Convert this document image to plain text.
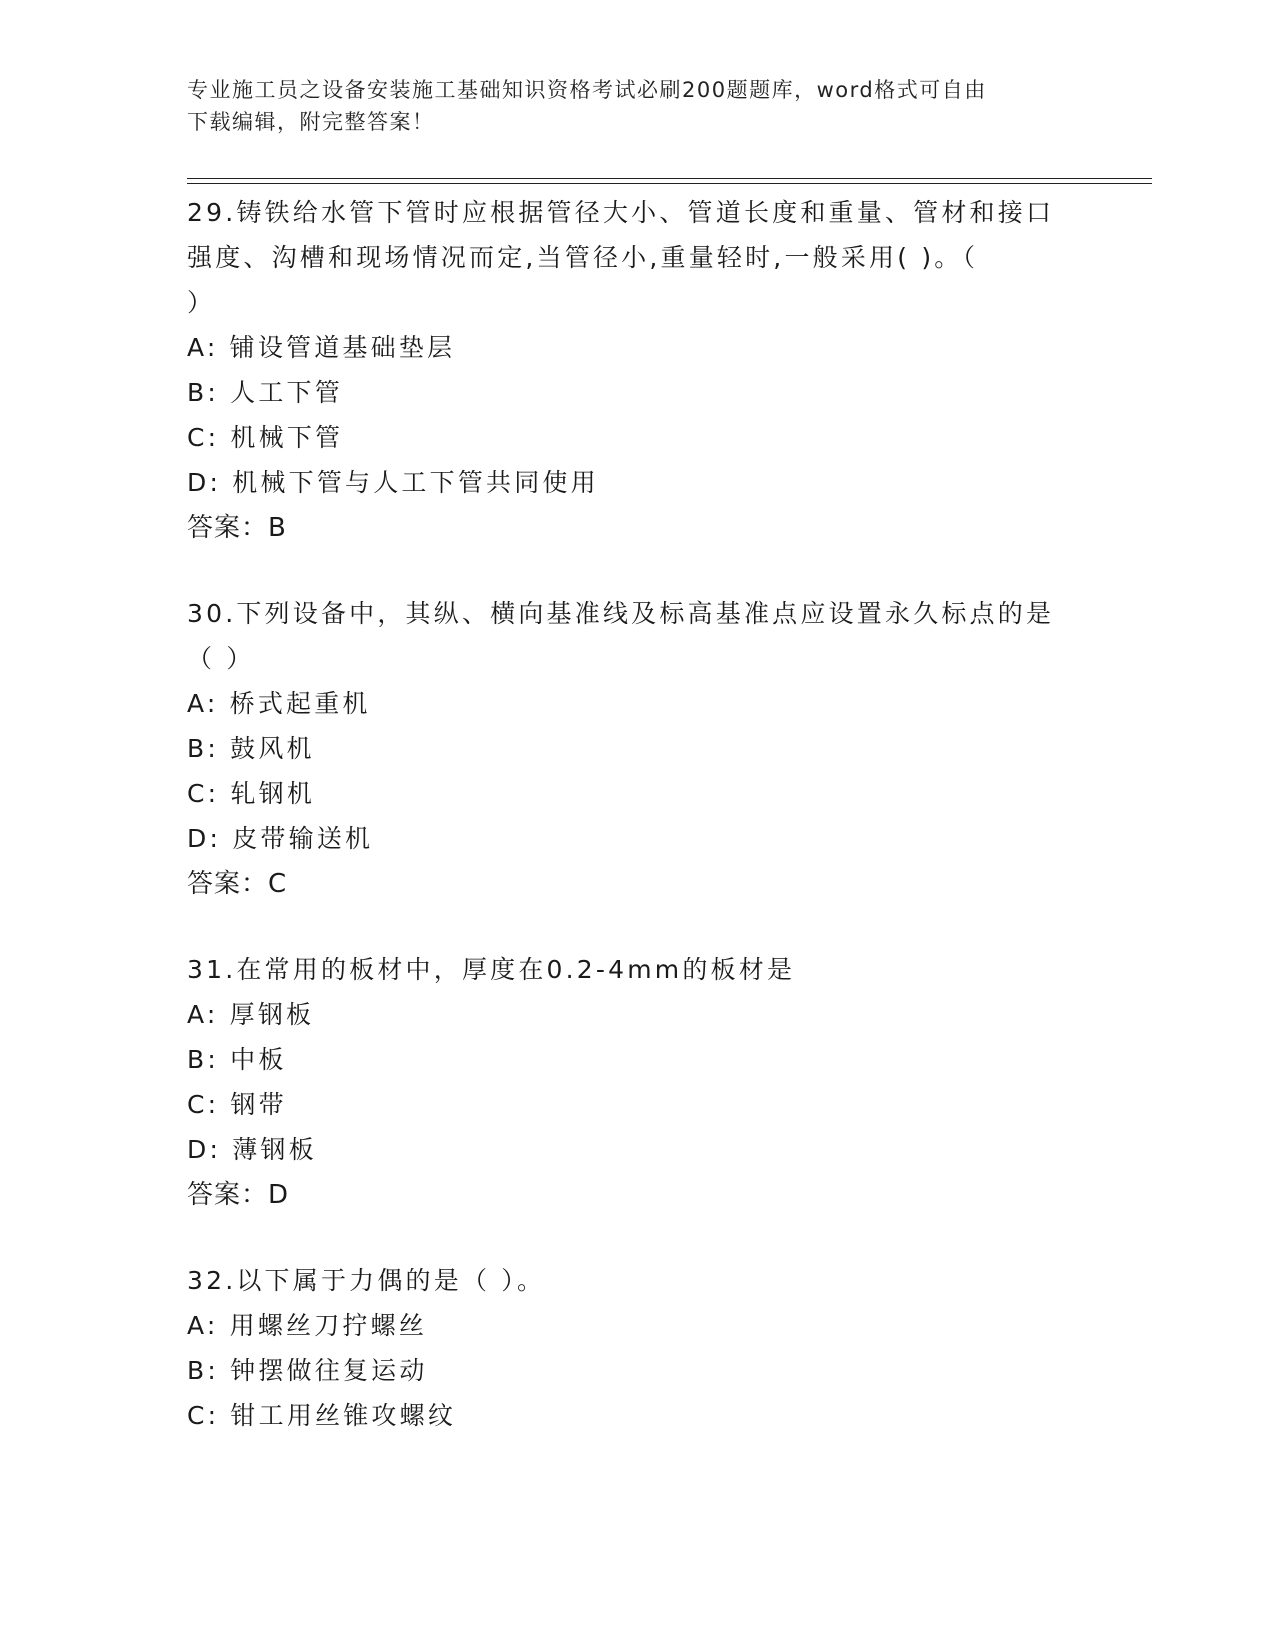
专业施工员之设备安装施工基础知识资格考试必刷200题题库，word格式可自由
下载编辑，附完整答案！

29.铸铁给水管下管时应根据管径大小、管道长度和重量、管材和接口

强度、沟槽和现场情况而定,当管径小,重量轻时,一般采用( )。（

）

A: 铺设管道基础垫层

B: 人工下管

C: 机械下管

D: 机械下管与人工下管共同使用

答案：B

30.下列设备中，其纵、横向基准线及标高基准点应设置永久标点的是

（ ）

A: 桥式起重机

B: 鼓风机

C: 轧钢机

D: 皮带输送机

答案：C

31.在常用的板材中，厚度在0.2-4mm的板材是

A: 厚钢板

B: 中板

C: 钢带

D: 薄钢板

答案：D

32.以下属于力偶的是（ ）。

A: 用螺丝刀拧螺丝

B: 钟摆做往复运动

C: 钳工用丝锥攻螺纹
